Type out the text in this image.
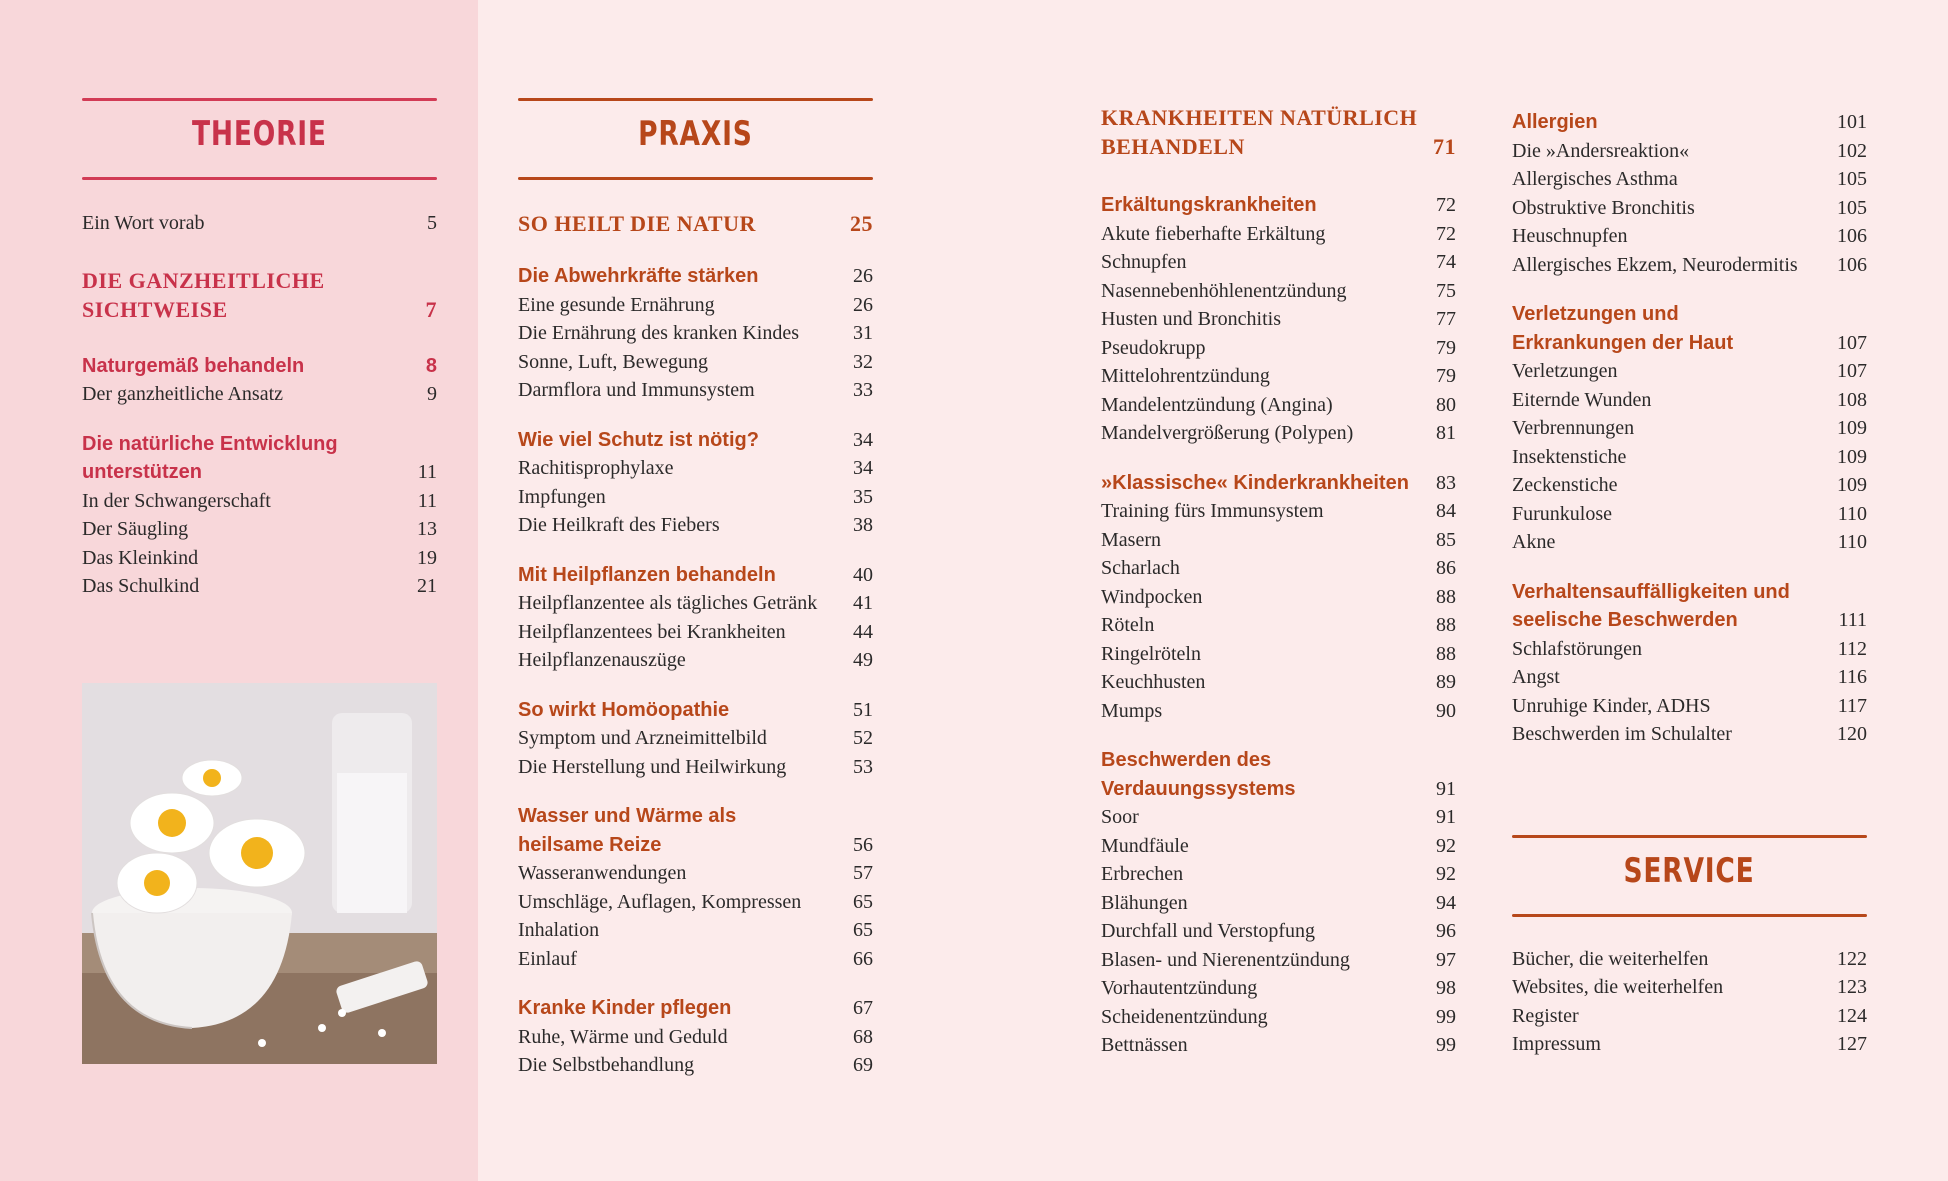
THEORIE
Ein Wort vorab	5
DIE GANZHEITLICHE
SICHTWEISE	7
Naturgemäß behandeln	8
Der ganzheitliche Ansatz	9
Die natürliche Entwicklung
unterstützen	11
In der Schwangerschaft	11
Der Säugling	13
Das Kleinkind	19
Das Schulkind	21
PRAXIS
SO HEILT DIE NATUR	25
Die Abwehrkräfte stärken	26
Eine gesunde Ernährung	26
Die Ernährung des kranken Kindes	31
Sonne, Luft, Bewegung	32
Darmflora und Immunsystem	33
Wie viel Schutz ist nötig?	34
Rachitisprophylaxe	34
Impfungen	35
Die Heilkraft des Fiebers	38
Mit Heilpflanzen behandeln	40
Heilpflanzentee als tägliches Getränk	41
Heilpflanzentees bei Krankheiten	44
Heilpflanzenauszüge	49
So wirkt Homöopathie	51
Symptom und Arzneimittelbild	52
Die Herstellung und Heilwirkung	53
Wasser und Wärme als
heilsame Reize	56
Wasseranwendungen	57
Umschläge, Auflagen, Kompressen	65
Inhalation	65
Einlauf	66
Kranke Kinder pflegen	67
Ruhe, Wärme und Geduld	68
Die Selbstbehandlung	69
KRANKHEITEN NATÜRLICH
BEHANDELN	71
Erkältungskrankheiten	72
Akute fieberhafte Erkältung	72
Schnupfen	74
Nasennebenhöhlenentzündung	75
Husten und Bronchitis	77
Pseudokrupp	79
Mittelohrentzündung	79
Mandelentzündung (Angina)	80
Mandelvergrößerung (Polypen)	81
»Klassische« Kinderkrankheiten	83
Training fürs Immunsystem	84
Masern	85
Scharlach	86
Windpocken	88
Röteln	88
Ringelröteln	88
Keuchhusten	89
Mumps	90
Beschwerden des
Verdauungssystems	91
Soor	91
Mundfäule	92
Erbrechen	92
Blähungen	94
Durchfall und Verstopfung	96
Blasen- und Nierenentzündung	97
Vorhautentzündung	98
Scheidenentzündung	99
Bettnässen	99
Allergien	101
Die »Andersreaktion«	102
Allergisches Asthma	105
Obstruktive Bronchitis	105
Heuschnupfen	106
Allergisches Ekzem, Neurodermitis 106
Verletzungen und
Erkrankungen der Haut	107
Verletzungen	107
Eiternde Wunden	108
Verbrennungen	109
Insektenstiche	109
Zeckenstiche	109
Furunkulose	110
Akne	110
Verhaltensauffälligkeiten und
seelische Beschwerden	111
Schlafstörungen	112
Angst	116
Unruhige Kinder, ADHS	117
Beschwerden im Schulalter	120
SERVICE
Bücher, die weiterhelfen	122
Websites, die weiterhelfen	123
Register	124
Impressum	127
